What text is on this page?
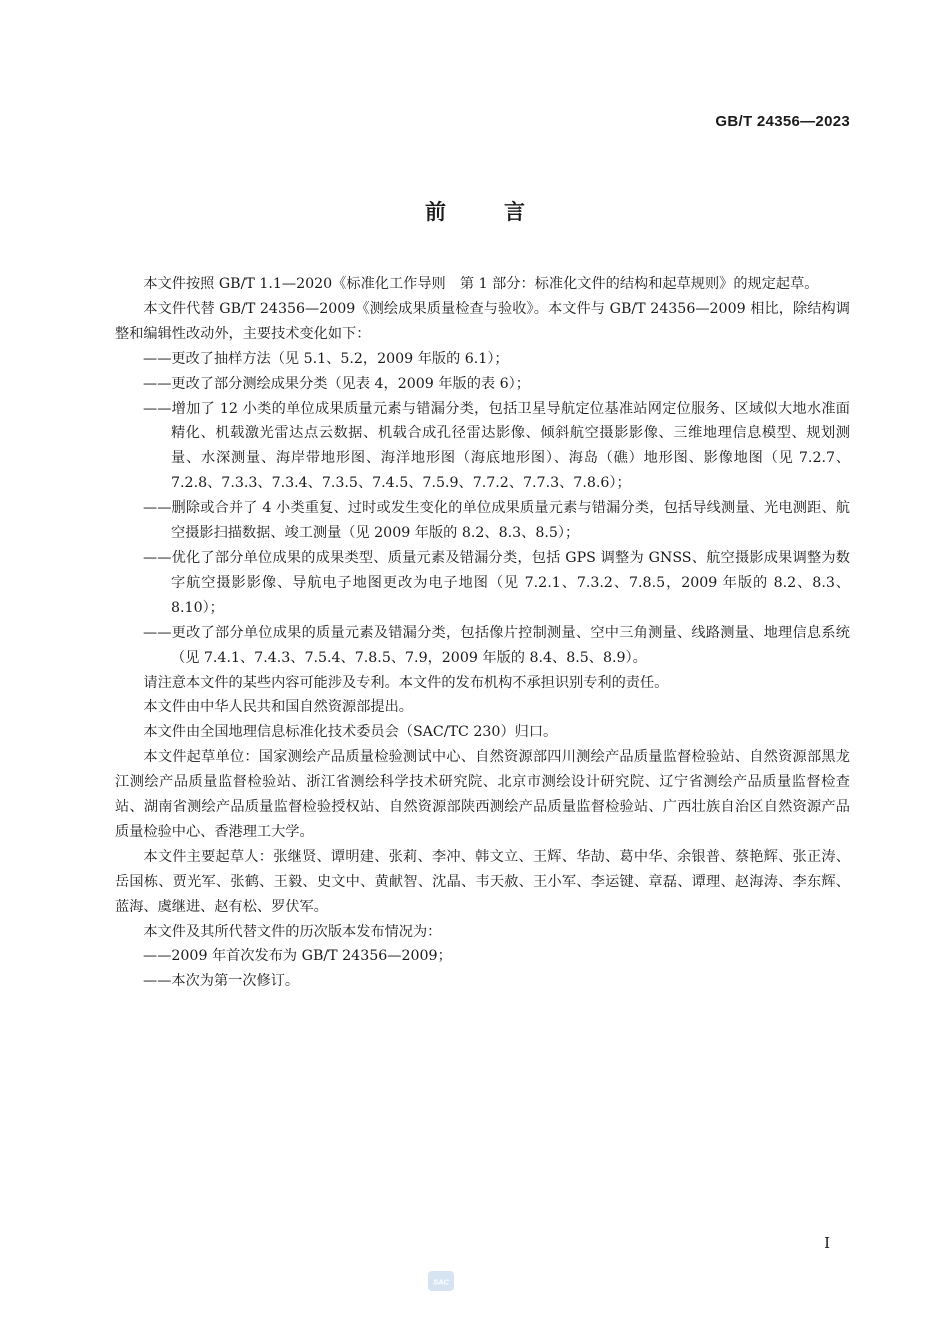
GB/T 24356—2023
前	言

本文件按照 GB/T 1.1—2020《标准化工作导则　第 1 部分：标准化文件的结构和起草规则》的规定起草。

本文件代替 GB/T 24356—2009《测绘成果质量检查与验收》。本文件与 GB/T 24356—2009 相比，除结构调整和编辑性改动外，主要技术变化如下：

——更改了抽样方法（见 5.1、5.2，2009 年版的 6.1）；

——更改了部分测绘成果分类（见表 4，2009 年版的表 6）；

——增加了 12 小类的单位成果质量元素与错漏分类，包括卫星导航定位基准站网定位服务、区域似大地水准面精化、机载激光雷达点云数据、机载合成孔径雷达影像、倾斜航空摄影影像、三维地理信息模型、规划测量、水深测量、海岸带地形图、海洋地形图（海底地形图）、海岛（礁）地形图、影像地图（见 7.2.7、7.2.8、7.3.3、7.3.4、7.3.5、7.4.5、7.5.9、7.7.2、7.7.3、7.8.6）；

——删除或合并了 4 小类重复、过时或发生变化的单位成果质量元素与错漏分类，包括导线测量、光电测距、航空摄影扫描数据、竣工测量（见 2009 年版的 8.2、8.3、8.5）；

——优化了部分单位成果的成果类型、质量元素及错漏分类，包括 GPS 调整为 GNSS、航空摄影成果调整为数字航空摄影影像、导航电子地图更改为电子地图（见 7.2.1、7.3.2、7.8.5，2009 年版的 8.2、8.3、8.10）；

——更改了部分单位成果的质量元素及错漏分类，包括像片控制测量、空中三角测量、线路测量、地理信息系统（见 7.4.1、7.4.3、7.5.4、7.8.5、7.9，2009 年版的 8.4、8.5、8.9）。

请注意本文件的某些内容可能涉及专利。本文件的发布机构不承担识别专利的责任。

本文件由中华人民共和国自然资源部提出。

本文件由全国地理信息标准化技术委员会（SAC/TC 230）归口。

本文件起草单位：国家测绘产品质量检验测试中心、自然资源部四川测绘产品质量监督检验站、自然资源部黑龙江测绘产品质量监督检验站、浙江省测绘科学技术研究院、北京市测绘设计研究院、辽宁省测绘产品质量监督检查站、湖南省测绘产品质量监督检验授权站、自然资源部陕西测绘产品质量监督检验站、广西壮族自治区自然资源产品质量检验中心、香港理工大学。

本文件主要起草人：张继贤、谭明建、张莉、李冲、韩文立、王辉、华劼、葛中华、余银普、蔡艳辉、张正涛、岳国栋、贾光军、张鹤、王毅、史文中、黄献智、沈晶、韦天赦、王小军、李运键、章磊、谭理、赵海涛、李东辉、蓝海、虞继进、赵有松、罗伏军。

本文件及其所代替文件的历次版本发布情况为：

——2009 年首次发布为 GB/T 24356—2009；

——本次为第一次修订。

I
SAC
